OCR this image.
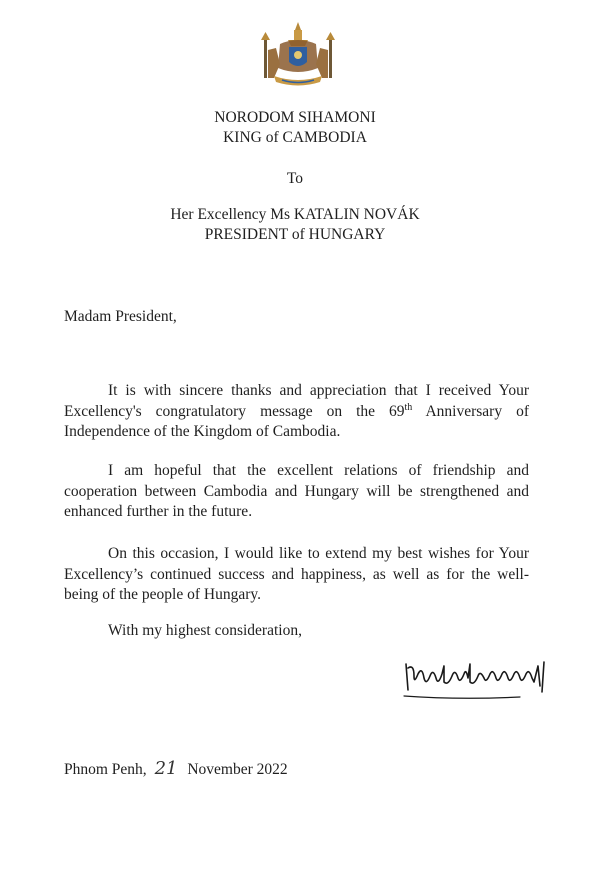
NORODOM SIHAMONI
KING of CAMBODIA
To
Her Excellency Ms KATALIN NOVÁK
PRESIDENT of HUNGARY
Madam President,
It is with sincere thanks and appreciation that I received Your Excellency's congratulatory message on the 69th Anniversary of Independence of the Kingdom of Cambodia.
I am hopeful that the excellent relations of friendship and cooperation between Cambodia and Hungary will be strengthened and enhanced further in the future.
On this occasion, I would like to extend my best wishes for Your Excellency’s continued success and happiness, as well as for the well-being of the people of Hungary.
With my highest consideration,
Phnom Penh, 21 November 2022
